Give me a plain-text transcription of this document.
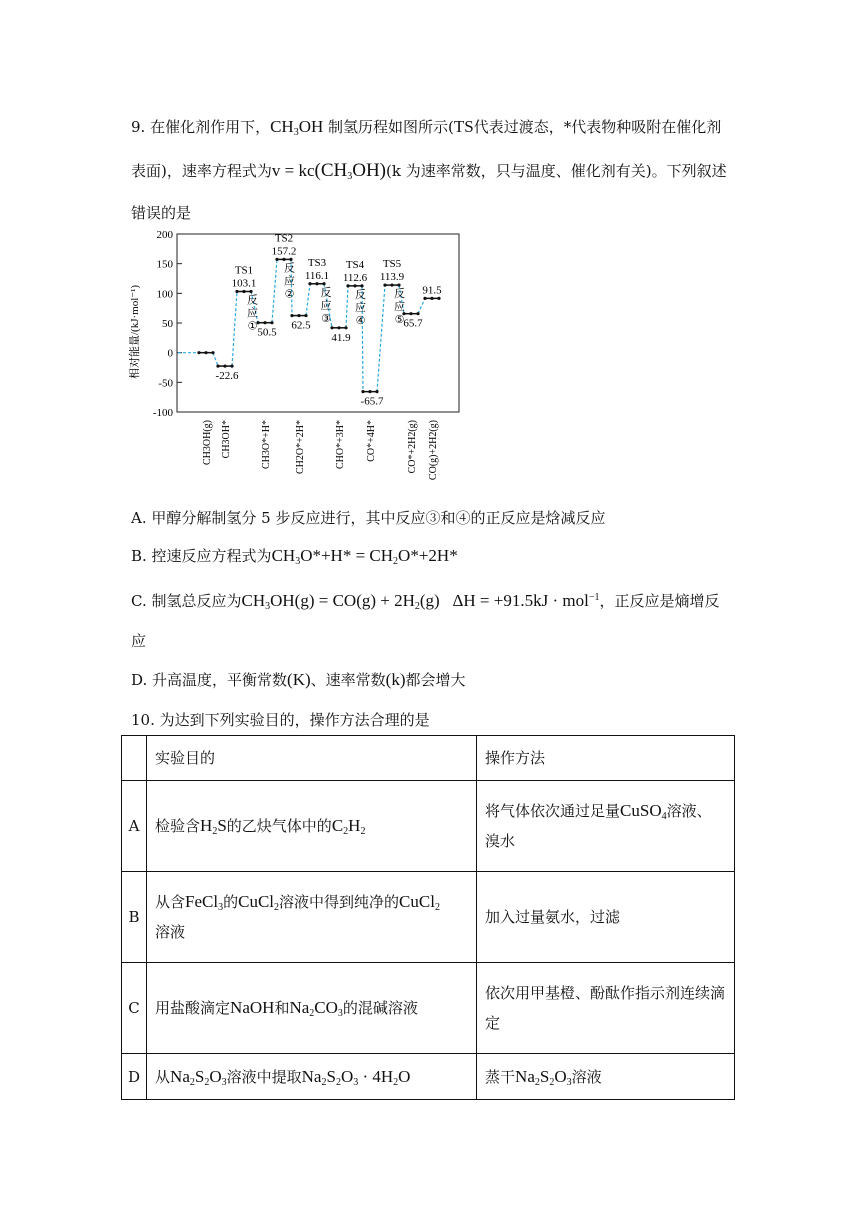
9. 在催化剂作用下，$CH_3OH$ 制氢历程如图所示(TS代表过渡态，*代表物种吸附在催化剂
表面)，速率方程式为$v = kc(CH_3OH)(k$ 为速率常数，只与温度、催化剂有关)。下列叙述
错误的是
相对能量/(kJ·mol⁻¹)
200
150
100
50
0
-50
-100
-22.6
103.1
50.5
157.2
62.5
116.1
41.9
112.6
-65.7
113.9
65.7
91.5
TS1
TS2
TS3 TS4 TS5
反
应
①
反
应
② 反
应
③
反
应
④
反
应
⑤
CH3OH(g) CH3OH*	CH3O*+H* CH2O*+2H*	CHO*+3H* CO*+4H*	CO*+2H2(g) CO(g)+2H2(g)
A. 甲醇分解制氢分 5 步反应进行，其中反应③和④的正反应是焓减反应
B. 控速反应方程式为$CH_3O*+H* = CH_2O*+2H*$
C. 制氢总反应为$CH_3OH(g) = CO(g) + 2H_2(g) \Delta H = +91.5kJ \cdot mol^{-1}$，正反应是熵增反
应
D. 升高温度，平衡常数(K)、速率常数(k)都会增大
10. 为达到下列实验目的，操作方法合理的是
	实验目的	操作方法
A	检验含$H_2S$的乙炔气体中的$C_2H_2$	将气体依次通过足量CuSO$_4$溶液、
溴水

B	从含FeCl$_3$的CuCl$_2$溶液中得到纯净的CuCl$_2$
溶液	加入过量氨水，过滤
C	用盐酸滴定NaOH和$Na_2CO_3$的混碱溶液	依次用甲基橙、酚酞作指示剂连续滴
定

D	从$Na_2S_2O_3$溶液中提取$Na_2S_2O_3 \cdot 4H_2O$	蒸干$Na_2S_2O_3$溶液
